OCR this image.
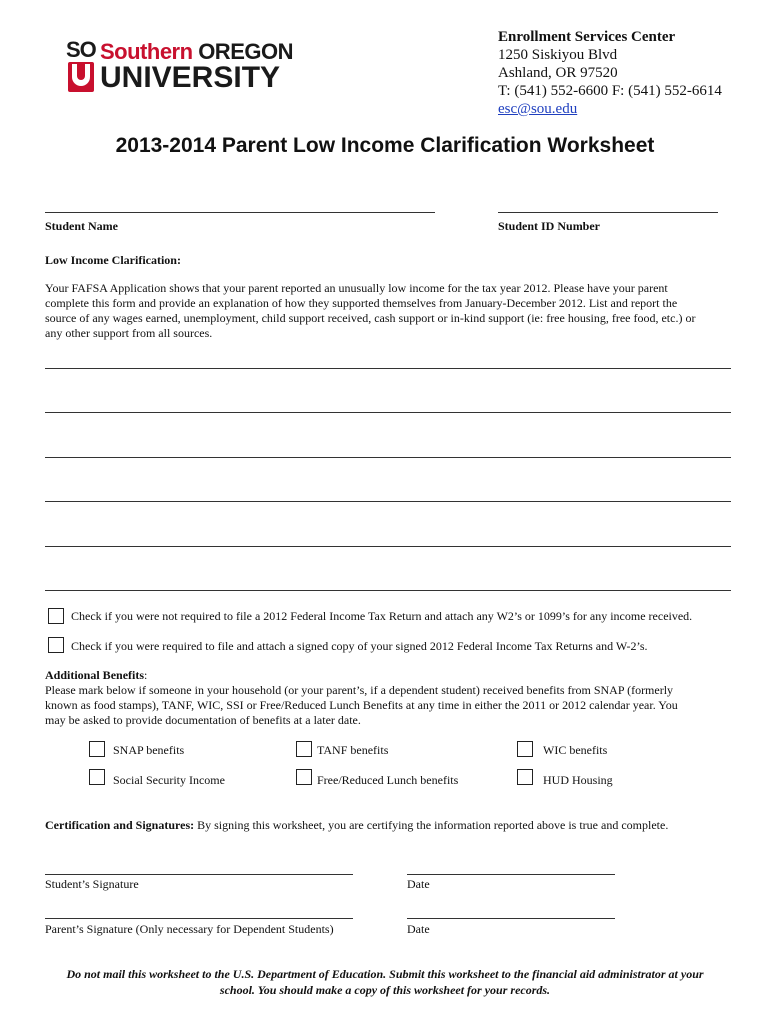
SO Southern OREGON
UNIVERSITY
Enrollment Services Center
1250 Siskiyou Blvd
Ashland, OR 97520
T: (541) 552-6600 F: (541) 552-6614
esc@sou.edu
2013-2014 Parent Low Income Clarification Worksheet
Student Name	Student ID Number
Low Income Clarification:
Your FAFSA Application shows that your parent reported an unusually low income for the tax year 2012. Please have your parent
complete this form and provide an explanation of how they supported themselves from January-December 2012. List and report the
source of any wages earned, unemployment, child support received, cash support or in-kind support (ie: free housing, free food, etc.) or
any other support from all sources.
Check if you were not required to file a 2012 Federal Income Tax Return and attach any W2’s or 1099’s for any income received.
Check if you were required to file and attach a signed copy of your signed 2012 Federal Income Tax Returns and W-2’s.
Additional Benefits:
Please mark below if someone in your household (or your parent’s, if a dependent student) received benefits from SNAP (formerly
known as food stamps), TANF, WIC, SSI or Free/Reduced Lunch Benefits at any time in either the 2011 or 2012 calendar year. You
may be asked to provide documentation of benefits at a later date.
SNAP benefits	TANF benefits	WIC benefits
Social Security Income	Free/Reduced Lunch benefits	HUD Housing
Certification and Signatures: By signing this worksheet, you are certifying the information reported above is true and complete.
Student’s Signature	Date
Parent’s Signature (Only necessary for Dependent Students)	Date
Do not mail this worksheet to the U.S. Department of Education. Submit this worksheet to the financial aid administrator at your
school. You should make a copy of this worksheet for your records.
